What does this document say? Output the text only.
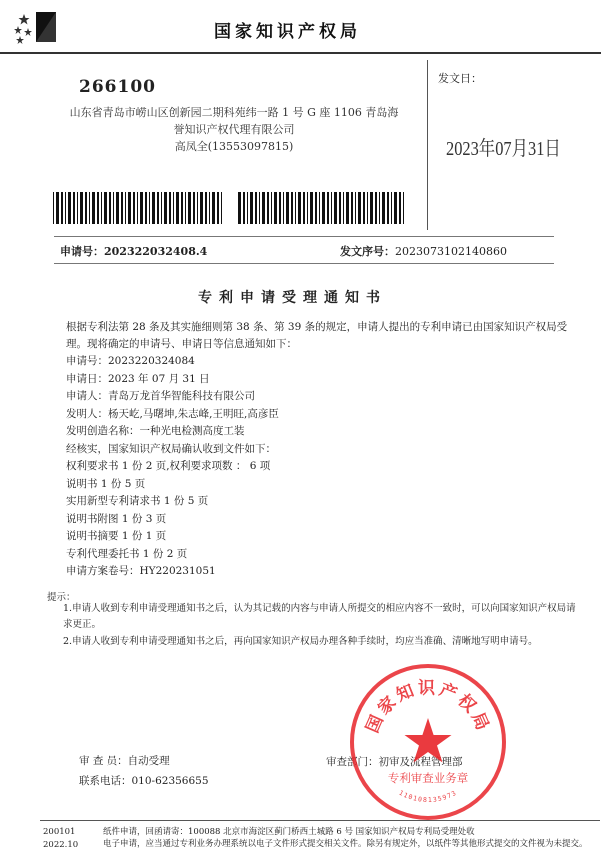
国家知识产权局
266100
山东省青岛市崂山区创新园二期科苑纬一路 1 号 G 座 1106 青岛海
誉知识产权代理有限公司
高凤全(13553097815)
发文日：
2023年07月31日
申请号：202322032408.4	发文序号：2023073102140860
专利申请受理通知书
根据专利法第 28 条及其实施细则第 38 条、第 39 条的规定，申请人提出的专利申请已由国家知识产权局受理。现将确定的申请号、申请日等信息通知如下：
申请号：2023220324084
申请日：2023 年 07 月 31 日
申请人：青岛万龙首华智能科技有限公司
发明人：杨天屹,马曙坤,朱志峰,王明旺,高彦臣
发明创造名称：一种光电检测高度工装
经核实，国家知识产权局确认收到文件如下：
权利要求书 1 份 2 页,权利要求项数 ： 6 项
说明书 1 份 5 页
实用新型专利请求书 1 份 5 页
说明书附图 1 份 3 页
说明书摘要 1 份 1 页
专利代理委托书 1 份 2 页
申请方案卷号：HY220231051
提示：
1.申请人收到专利申请受理通知书之后，认为其记载的内容与申请人所提交的相应内容不一致时，可以向国家知识产权局请求更正。
2.申请人收到专利申请受理通知书之后，再向国家知识产权局办理各种手续时，均应当准确、清晰地写明申请号。
审 查 员：自动受理
联系电话：010-62356655
审查部门：初审及流程管理部
国家知识产权局
专利审查业务章
110108135973
200101
2022.10
纸件申请，回函请寄：100088 北京市海淀区蓟门桥西土城路 6 号 国家知识产权局专利局受理处收
电子申请，应当通过专利业务办理系统以电子文件形式提交相关文件。除另有规定外，以纸件等其他形式提交的文件视为未提交。
